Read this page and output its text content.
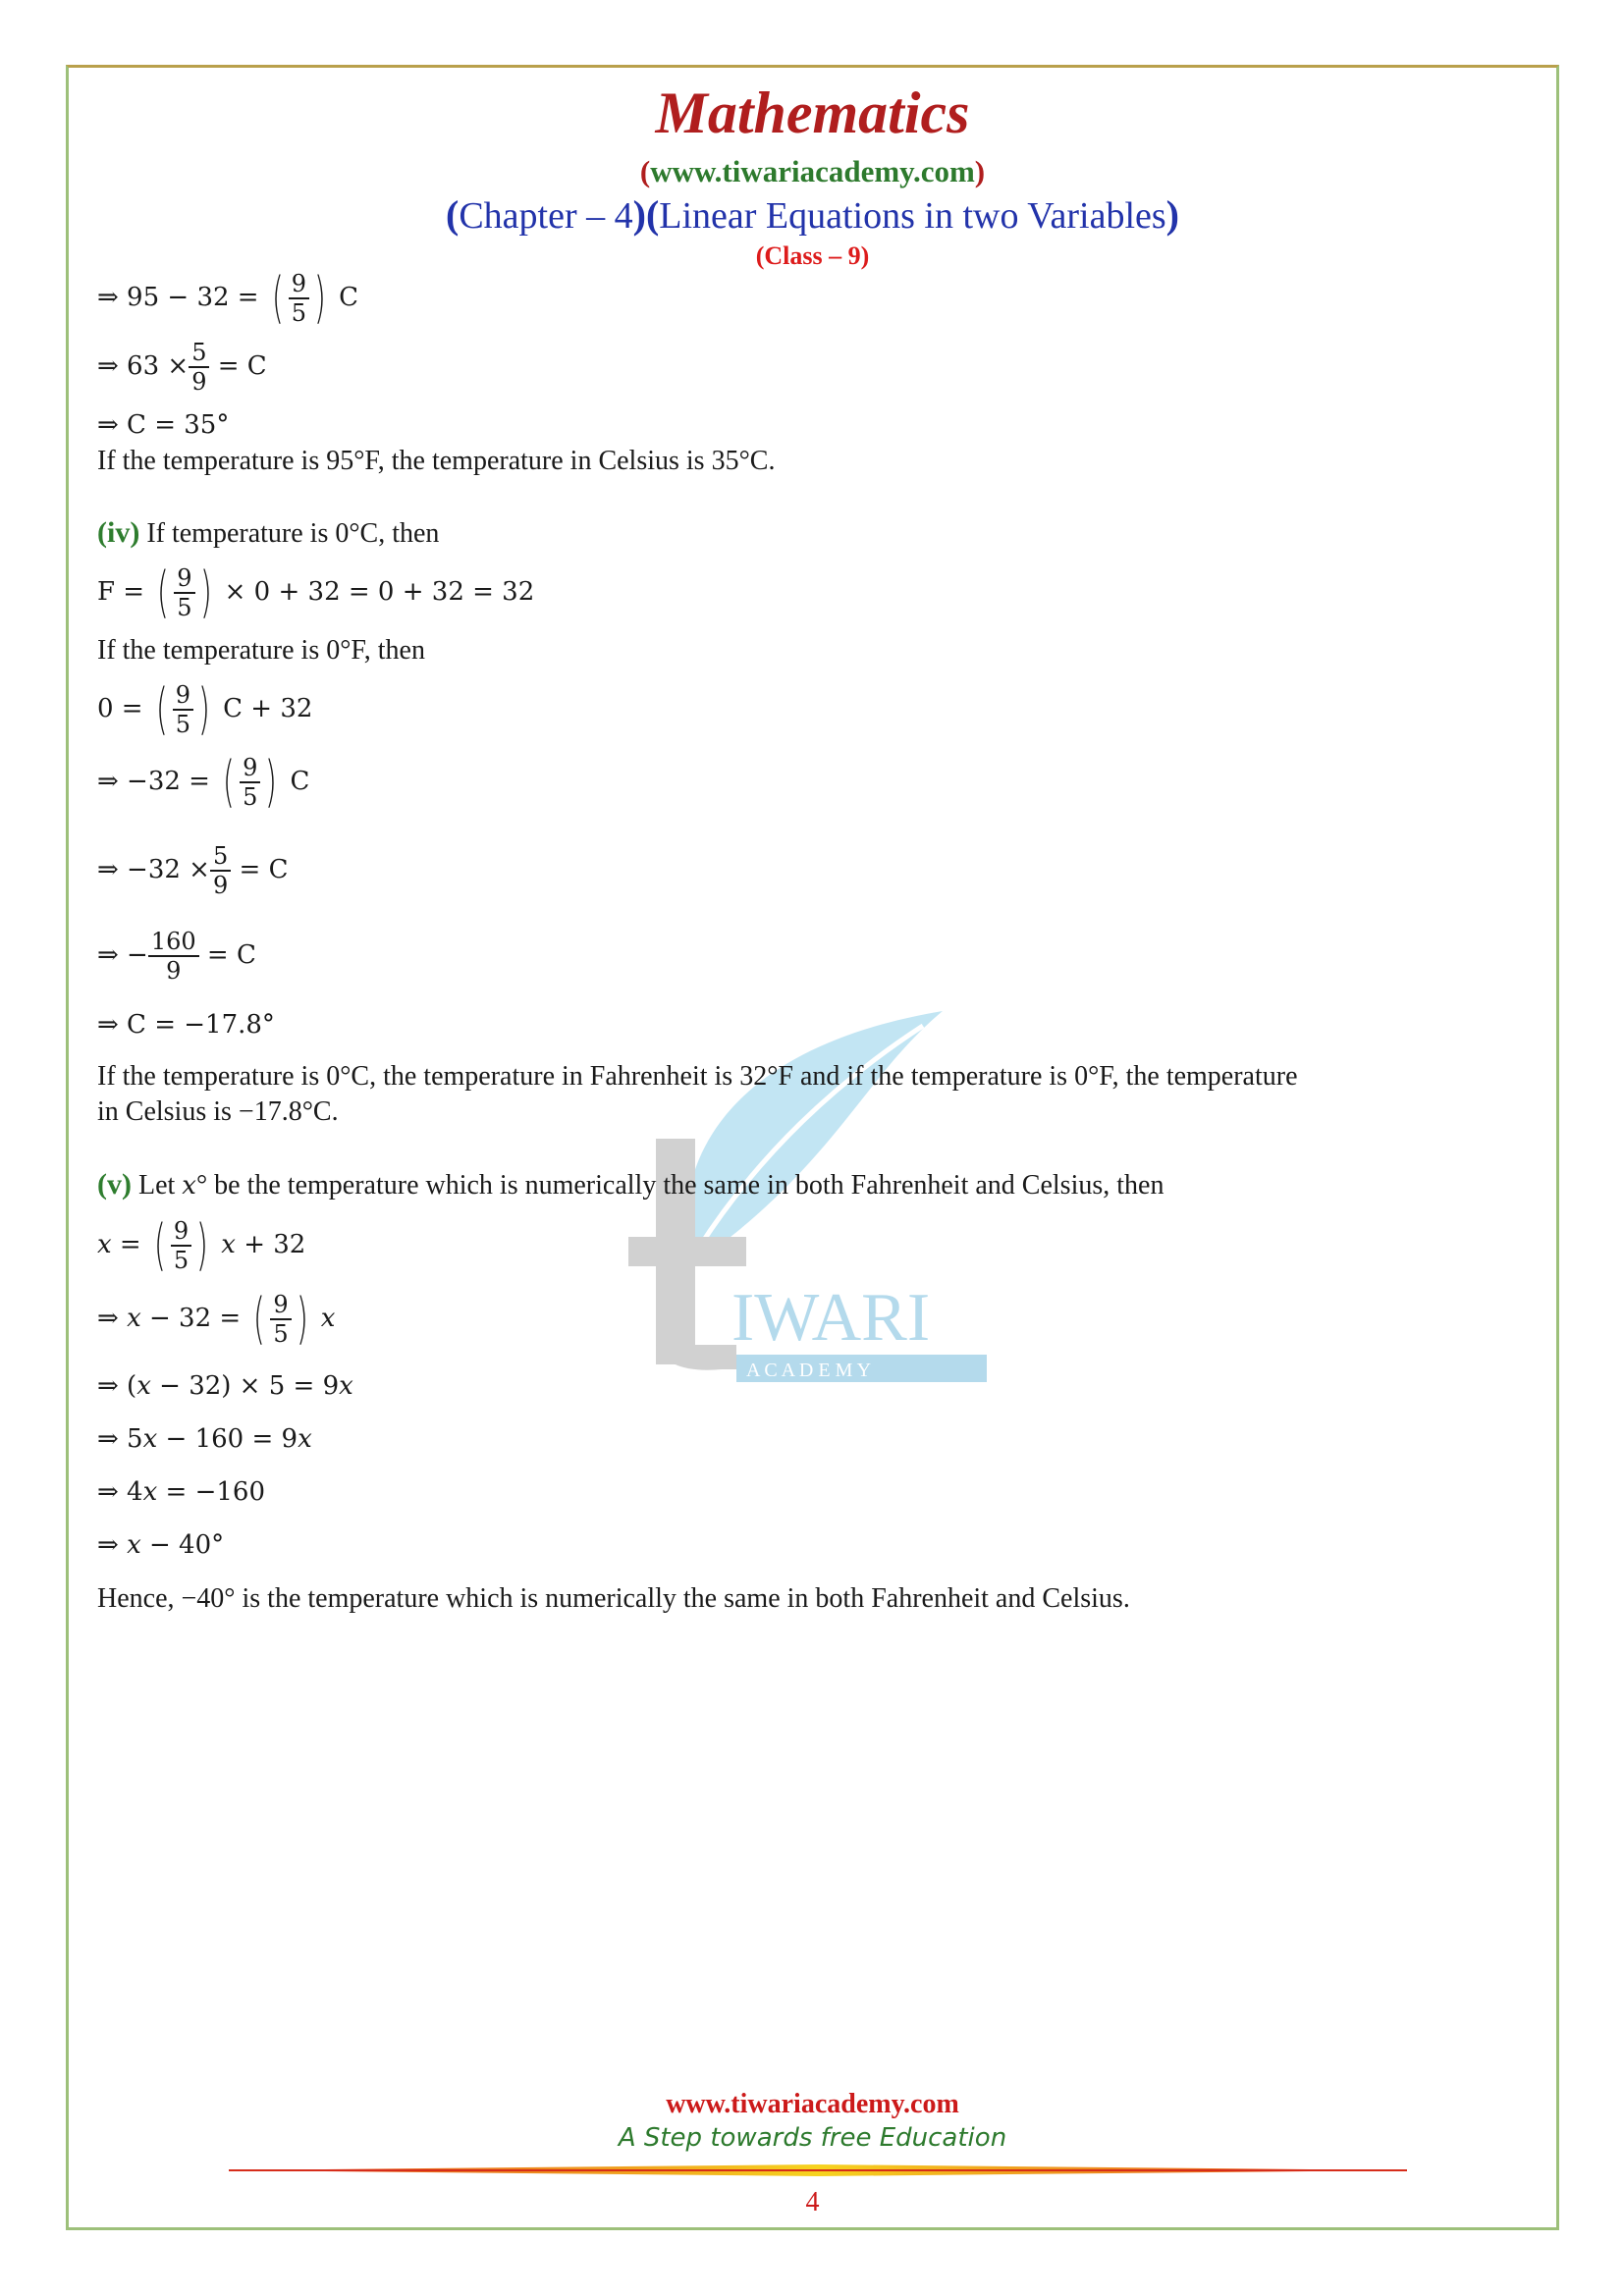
Mathematics
(www.tiwariacademy.com)
(Chapter – 4)(Linear Equations in two Variables)
(Class – 9)
IWARI
A C A D E M Y
⇒ 95 − 32 = ( $\frac{9}{5}$ ) C
⇒ $63 \times \frac{5}{9} = C$
⇒ C = 35°
If the temperature is 95°F, the temperature in Celsius is 35°C.
(iv) If temperature is 0°C, then
F = ( $\frac{9}{5}$ ) × 0 + 32 = 0 + 32 = 32
If the temperature is 0°F, then
0 = ( $\frac{9}{5}$ ) C + 32
⇒ −32 = ( $\frac{9}{5}$ ) C
⇒ $-32 \times \frac{5}{9} = C$
⇒ − $\frac{160}{9} = C$
⇒ C = −17.8°
If the temperature is 0°C, the temperature in Fahrenheit is 32°F and if the temperature is 0°F, the temperature
in Celsius is −17.8°C.
(v) Let x° be the temperature which is numerically the same in both Fahrenheit and Celsius, then
x = ( $\frac{9}{5}$ ) x + 32
⇒ x − 32 = ( $\frac{9}{5}$ ) x
⇒ (x − 32) × 5 = 9x
⇒ 5x − 160 = 9x
⇒ 4x = −160
⇒ x − 40°
Hence, −40° is the temperature which is numerically the same in both Fahrenheit and Celsius.
www.tiwariacademy.com
A Step towards free Education
4
